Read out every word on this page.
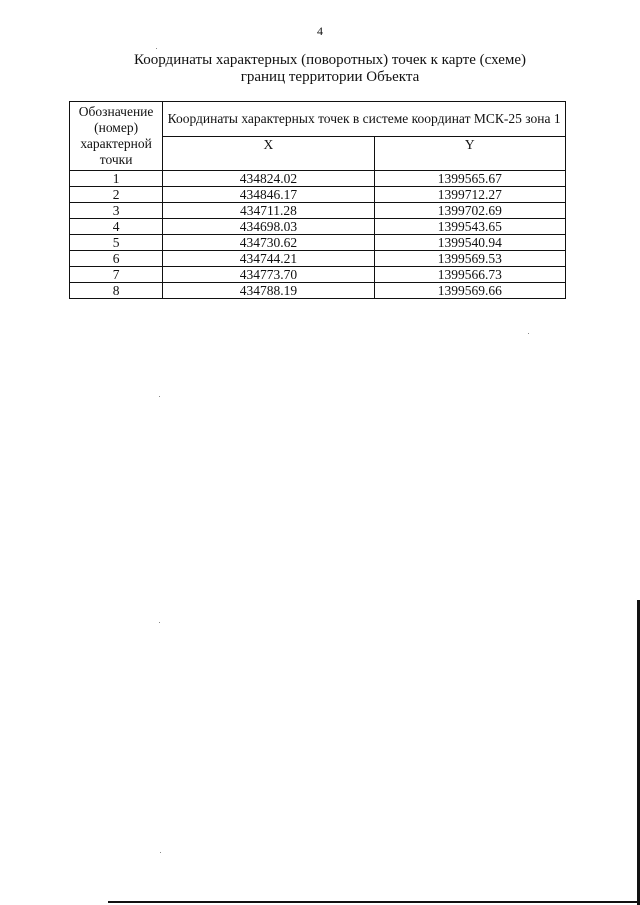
4
Координаты характерных (поворотных) точек к карте (схеме)
границ территории Объекта
Обозначение (номер) характерной точки	Координаты характерных точек в системе координат МСК-25 зона 1	
	X	Y
1	434824.02	1399565.67
2	434846.17	1399712.27
3	434711.28	1399702.69
4	434698.03	1399543.65
5	434730.62	1399540.94
6	434744.21	1399569.53
7	434773.70	1399566.73
8	434788.19	1399569.66
